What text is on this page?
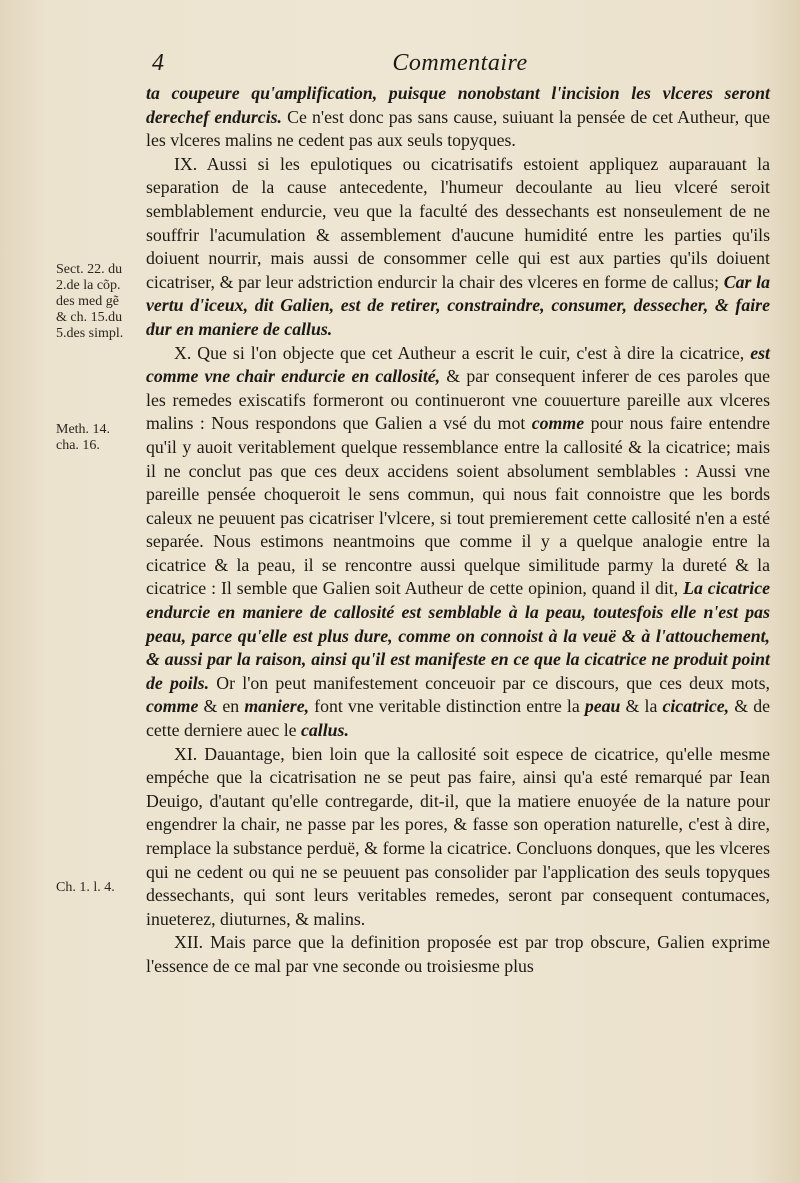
4	Commentaire
Sect. 22. du
2.de la cõp.
des med gẽ
& ch. 15.du
5.des simpl.
Meth. 14.
cha. 16.
Ch. 1. l. 4.

ta coupeure qu'amplification, puisque nonobstant l'incision les vlceres seront derechef endurcis. Ce n'est donc pas sans cause, suiuant la pensée de cet Autheur, que les vlceres malins ne cedent pas aux seuls topyques.

IX. Aussi si les epulotiques ou cicatrisatifs estoient appliquez auparauant la separation de la cause antecedente, l'humeur decoulante au lieu vlceré seroit semblablement endurcie, veu que la faculté des dessechants est nonseulement de ne souffrir l'acumulation & assemblement d'aucune humidité entre les parties qu'ils doiuent nourrir, mais aussi de consommer celle qui est aux parties qu'ils doiuent cicatriser, & par leur adstriction endurcir la chair des vlceres en forme de callus; Car la vertu d'iceux, dit Galien, est de retirer, constraindre, consumer, dessecher, & faire dur en maniere de callus.

X. Que si l'on objecte que cet Autheur a escrit le cuir, c'est à dire la cicatrice, est comme vne chair endurcie en callosité, & par consequent inferer de ces paroles que les remedes exiscatifs formeront ou continueront vne couuerture pareille aux vlceres malins : Nous respondons que Galien a vsé du mot comme pour nous faire entendre qu'il y auoit veritablement quelque ressemblance entre la callosité & la cicatrice; mais il ne conclut pas que ces deux accidens soient absolument semblables : Aussi vne pareille pensée choqueroit le sens commun, qui nous fait connoistre que les bords caleux ne peuuent pas cicatriser l'vlcere, si tout premierement cette callosité n'en a esté separée. Nous estimons neantmoins que comme il y a quelque analogie entre la cicatrice & la peau, il se rencontre aussi quelque similitude parmy la dureté & la cicatrice : Il semble que Galien soit Autheur de cette opinion, quand il dit, La cicatrice endurcie en maniere de callosité est semblable à la peau, toutesfois elle n'est pas peau, parce qu'elle est plus dure, comme on connoist à la veuë & à l'attouchement, & aussi par la raison, ainsi qu'il est manifeste en ce que la cicatrice ne produit point de poils. Or l'on peut manifestement conceuoir par ce discours, que ces deux mots, comme & en maniere, font vne veritable distinction entre la peau & la cicatrice, & de cette derniere auec le callus.

XI. Dauantage, bien loin que la callosité soit espece de cicatrice, qu'elle mesme empéche que la cicatrisation ne se peut pas faire, ainsi qu'a esté remarqué par Iean Deuigo, d'autant qu'elle contregarde, dit-il, que la matiere enuoyée de la nature pour engendrer la chair, ne passe par les pores, & fasse son operation naturelle, c'est à dire, remplace la substance perduë, & forme la cicatrice. Concluons donques, que les vlceres qui ne cedent ou qui ne se peuuent pas consolider par l'application des seuls topyques dessechants, qui sont leurs veritables remedes, seront par consequent contumaces, inueterez, diuturnes, & malins.

XII. Mais parce que la definition proposée est par trop obscure, Galien exprime l'essence de ce mal par vne seconde ou troisiesme plus
